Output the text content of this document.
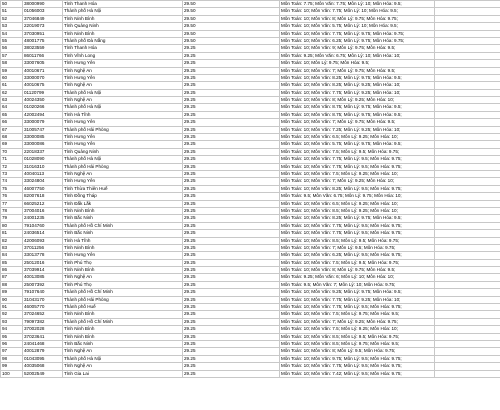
50	38000990	Tỉnh Thanh Hóa	29.50	Môn Toán: 7.75; Môn Văn: 7.75; Môn Lý: 10; Môn Hóa: 9.5;	
51	01056003	Thành phố Hà Nội	29.50	Môn Toán: 10; Môn Văn: 7.75; Môn Lý: 10; Môn Hóa: 9.5;	
52	37046849	Tỉnh Ninh Bình	29.50	Môn Toán: 10; Môn Văn: 8; Môn Lý: 9.75; Môn Hóa: 9.75;	
53	22019073	Tỉnh Quảng Ninh	29.50	Môn Toán: 10; Môn Văn: 5.75; Môn Lý: 10; Môn Hóa: 9.5;	
54	37030951	Tỉnh Ninh Bình	29.50	Môn Toán: 10; Môn Văn: 7.75; Môn Lý: 9.75; Môn Hóa: 9.75;	
55	48001775	Thành phố Đà Nẵng	29.50	Môn Toán: 10; Môn Văn: 6.25; Môn Lý: 9.75; Môn Hóa: 9.75;	
56	38023559	Tỉnh Thanh Hóa	29.25	Môn Toán: 10; Môn Văn: 9; Môn Lý: 9.75; Môn Hóa: 9.5;	
57	86011766	Tỉnh Vĩnh Long	29.25	Môn Toán: 9.25; Môn Văn: 6.75; Môn Lý: 10; Môn Hóa: 10;	
58	33007605	Tỉnh Hưng Yên	29.25	Môn Toán: 10; Môn Lý: 9.75; Môn Hóa: 9.5;	
59	40010671	Tỉnh Nghệ An	29.25	Môn Toán: 10; Môn Văn: 7; Môn Lý: 9.75; Môn Hóa: 9.5;	
60	33000070	Tỉnh Hưng Yên	29.25	Môn Toán: 10; Môn Văn: 8.25; Môn Lý: 9.75; Môn Hóa: 9.5;	
61	40010675	Tỉnh Nghệ An	29.25	Môn Toán: 10; Môn Văn: 8.25; Môn Lý: 9.25; Môn Hóa: 10;	
62	01120799	Thành phố Hà Nội	29.25	Môn Toán: 10; Môn Văn: 7.75; Môn Lý: 9.25; Môn Hóa: 10;	
63	40024350	Tỉnh Nghệ An	29.25	Môn Toán: 10; Môn Văn: 8; Môn Lý: 9.25; Môn Hóa: 10;	
64	01020266	Thành phố Hà Nội	29.25	Môn Toán: 10; Môn Văn: 8.75; Môn Lý: 9.75; Môn Hóa: 9.5;	
65	42002494	Tỉnh Hà Tĩnh	29.25	Môn Toán: 10; Môn Văn: 8.75; Môn Lý: 9.75; Môn Hóa: 9.5;	
66	33000079	Tỉnh Hưng Yên	29.25	Môn Toán: 10; Môn Văn: 7; Môn Lý: 9.75; Môn Hóa: 9.5;	
67	31005747	Thành phố Hải Phòng	29.25	Môn Toán: 10; Môn Văn: 7.25; Môn Lý: 9.25; Môn Hóa: 10;	
68	33000085	Tỉnh Hưng Yên	29.25	Môn Toán: 10; Môn Văn: 6.5; Môn Lý: 9.25; Môn Hóa: 10;	
69	33000086	Tỉnh Hưng Yên	29.25	Môn Toán: 10; Môn Văn: 5.75; Môn Lý: 9.75; Môn Hóa: 9.5;	
70	22018337	Tỉnh Quảng Ninh	29.25	Môn Toán: 10; Môn Văn: 7.5; Môn Lý: 9.5; Môn Hóa: 9.75;	
71	01028090	Thành phố Hà Nội	29.25	Môn Toán: 10; Môn Văn: 7.75; Môn Lý: 9.5; Môn Hóa: 9.75;	
72	31016310	Thành phố Hải Phòng	29.25	Môn Toán: 10; Môn Văn: 7.75; Môn Lý: 9.5; Môn Hóa: 9.75;	
73	40040113	Tỉnh Nghệ An	29.25	Môn Toán: 10; Môn Văn: 7.5; Môn Lý: 9.25; Môn Hóa: 10;	
74	33024804	Tỉnh Hưng Yên	29.25	Môn Toán: 10; Môn Văn: 7; Môn Lý: 9.25; Môn Hóa: 10;	
75	46007750	Tỉnh Thừa Thiên Huế	29.25	Môn Toán: 10; Môn Văn: 8.25; Môn Lý: 9.5; Môn Hóa: 9.75;	
76	82007618	Tỉnh Đồng Tháp	29.25	Môn Toán: 9.5; Môn Văn: 6.75; Môn Lý: 9.75; Môn Hóa: 10;	
77	66025212	Tỉnh Đắk Lắk	29.25	Môn Toán: 10; Môn Văn: 6.5; Môn Lý: 9.25; Môn Hóa: 10;	
78	37004016	Tỉnh Ninh Bình	29.25	Môn Toán: 10; Môn Văn: 8.5; Môn Lý: 9.25; Môn Hóa: 10;	
79	24001235	Tỉnh Bắc Ninh	29.25	Môn Toán: 10; Môn Văn: 8.25; Môn Lý: 9.75; Môn Hóa: 9.5;	
80	79104760	Thành phố Hồ Chí Minh	29.25	Môn Toán: 10; Môn Văn: 7.75; Môn Lý: 9.5; Môn Hóa: 9.75;	
81	24036514	Tỉnh Bắc Ninh	29.25	Môn Toán: 10; Môn Văn: 7.75; Môn Lý: 9.5; Môn Hóa: 9.75;	
82	42006093	Tỉnh Hà Tĩnh	29.25	Môn Toán: 10; Môn Văn: 8.5; Môn Lý: 9.5; Môn Hóa: 9.75;	
83	37011256	Tỉnh Ninh Bình	29.25	Môn Toán: 10; Môn Văn: 7; Môn Lý: 9.5; Môn Hóa: 9.75;	
84	33013778	Tỉnh Hưng Yên	29.25	Môn Toán: 10; Môn Văn: 6.25; Môn Lý: 9.5; Môn Hóa: 9.75;	
85	25012016	Tỉnh Phú Thọ	29.25	Môn Toán: 10; Môn Văn: 7.5; Môn Lý: 9.5; Môn Hóa: 9.75;	
86	37039914	Tỉnh Ninh Bình	29.25	Môn Toán: 10; Môn Văn: 8; Môn Lý: 9.75; Môn Hóa: 9.5;	
87	40013085	Tỉnh Nghệ An	29.25	Môn Toán: 9.25; Môn Văn: 6; Môn Lý: 10; Môn Hóa: 10;	
88	25007392	Tỉnh Phú Thọ	29.25	Môn Toán: 9.5; Môn Văn: 7; Môn Lý: 10; Môn Hóa: 9.75;	
89	79107640	Thành phố Hồ Chí Minh	29.25	Môn Toán: 10; Môn Văn: 9.25; Môn Lý: 9.75; Môn Hóa: 9.5;	
90	31043170	Thành phố Hải Phòng	29.25	Môn Toán: 10; Môn Văn: 7.75; Môn Lý: 9.25; Môn Hóa: 10;	
91	46005770	Thành phố Huế	29.25	Môn Toán: 10; Môn Văn: 7.75; Môn Lý: 9.5; Môn Hóa: 9.75;	
92	37024652	Tỉnh Ninh Bình	29.25	Môn Toán: 10; Môn Văn: 7.5; Môn Lý: 9.75; Môn Hóa: 9.5;	
93	79097382	Thành phố Hồ Chí Minh	29.25	Môn Toán: 10; Môn Văn: 7; Môn Lý: 9.25; Môn Hóa: 9.75;	
94	37002028	Tỉnh Ninh Bình	29.25	Môn Toán: 10; Môn Văn: 7.5; Môn Lý: 9.25; Môn Hóa: 10;	
95	37023641	Tỉnh Ninh Bình	29.25	Môn Toán: 10; Môn Văn: 8.5; Môn Lý: 9.5; Môn Hóa: 9.75;	
96	24041468	Tỉnh Bắc Ninh	29.25	Môn Toán: 10; Môn Văn: 8.5; Môn Lý: 9.75; Môn Hóa: 9.5;	
97	40012879	Tỉnh Nghệ An	29.25	Môn Toán: 10; Môn Văn: 8; Môn Lý: 9.5; Môn Hóa: 9.75;	
98	01043095	Thành phố Hà Nội	29.25	Môn Toán: 10; Môn Văn: 9.75; Môn Lý: 9.5; Môn Hóa: 9.75;	
99	40035068	Tỉnh Nghệ An	29.25	Môn Toán: 10; Môn Văn: 7.75; Môn Lý: 9.5; Môn Hóa: 9.75;	
100	52002549	Tỉnh Gia Lai	29.25	Môn Toán: 10; Môn Văn: 7.42; Môn Lý: 9.5; Môn Hóa: 9.75;	
